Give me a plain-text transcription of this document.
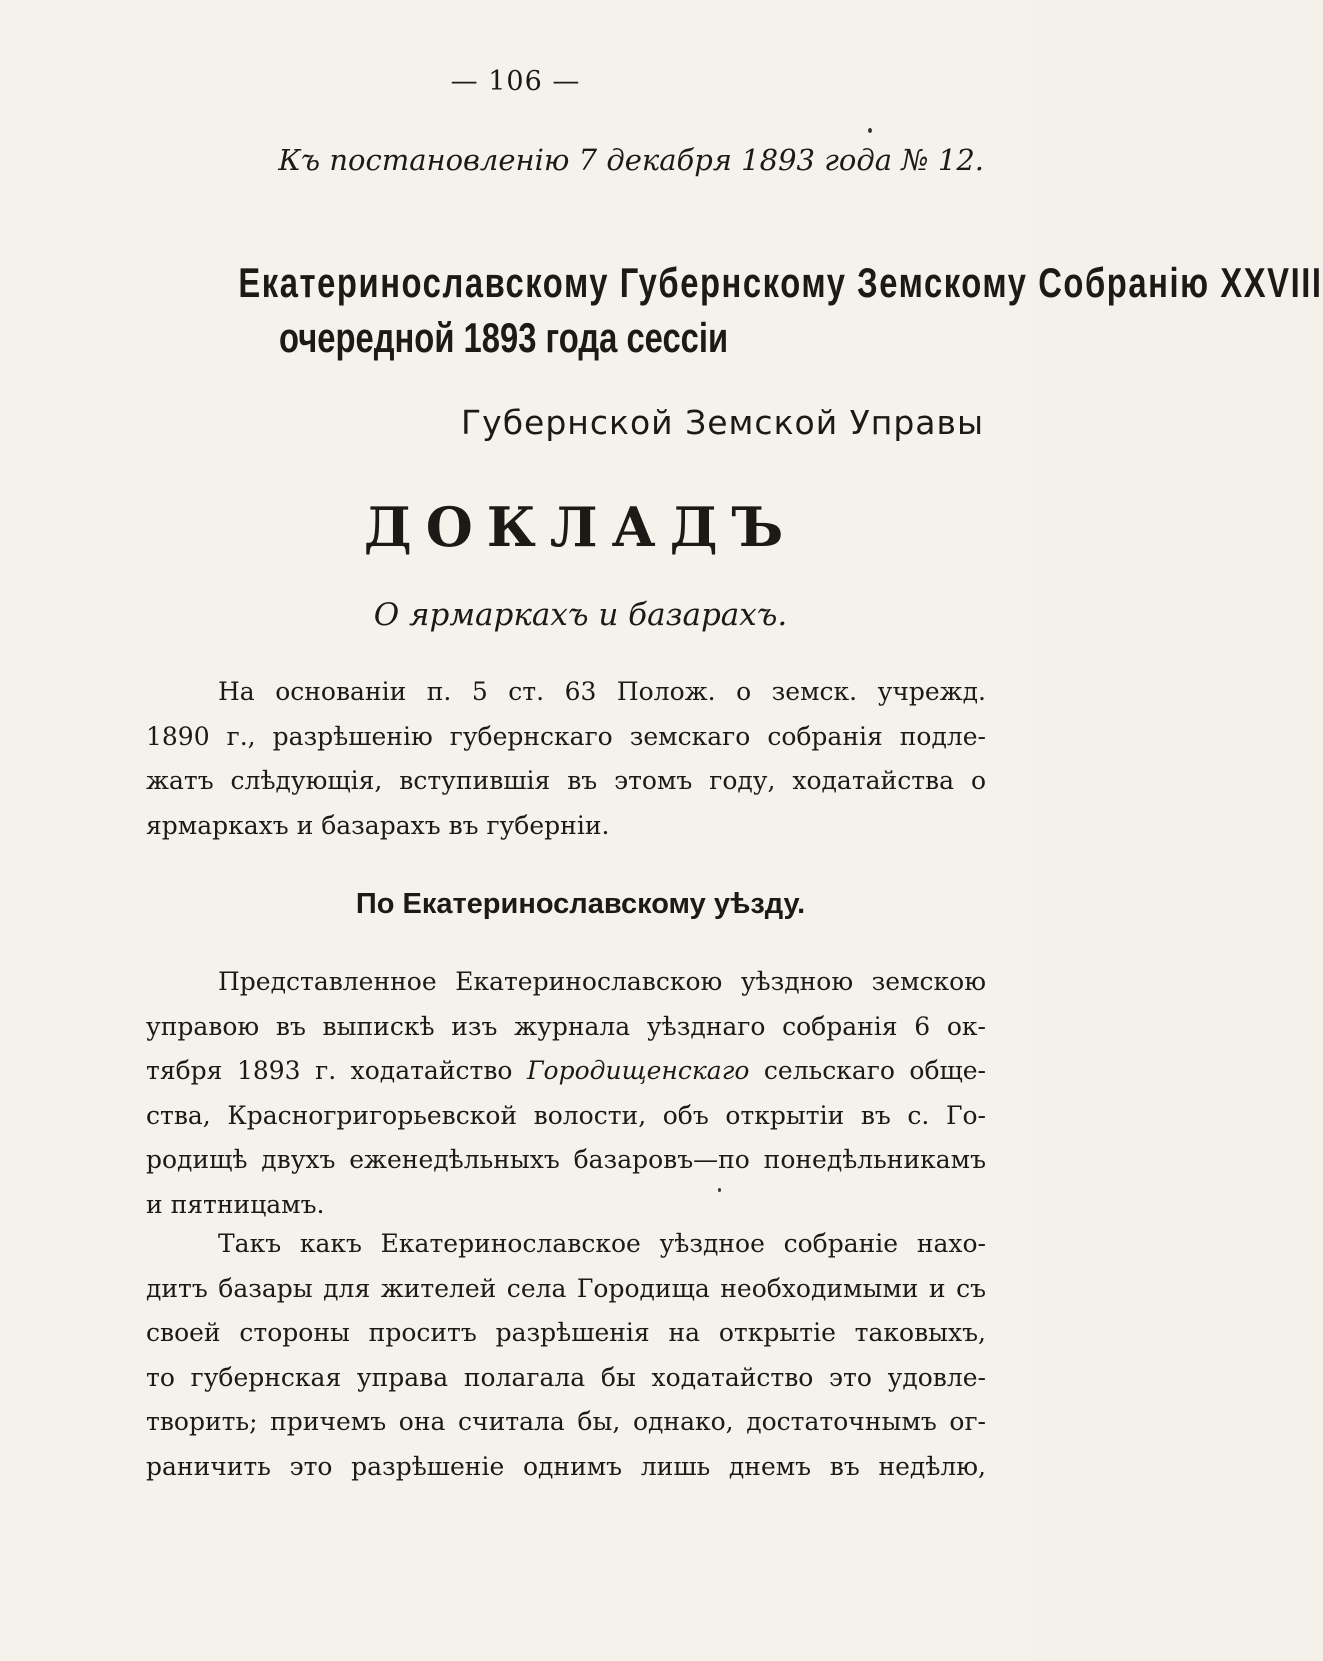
— 106 —
Къ постановленію 7 декабря 1893 года № 12.
Екатеринославскому Губернскому Земскому Собранію XXVIII
очередной 1893 года сессіи
Губернской Земской Управы
ДОКЛАДЪ
О ярмаркахъ и базарахъ.
На основаніи п. 5 ст. 63 Полож. о земск. учрежд.
1890 г., разрѣшенію губернскаго земскаго собранія подле-
жатъ слѣдующія, вступившія въ этомъ году, ходатайства о
ярмаркахъ и базарахъ въ губерніи.
По Екатеринославскому уѣзду.
Представленное Екатеринославскою уѣздною земскою
управою въ выпискѣ изъ журнала уѣзднаго собранія 6 ок-
тября 1893 г. ходатайство Городищенскаго сельскаго обще-
ства, Красногригорьевской волости, объ открытіи въ с. Го-
родищѣ двухъ еженедѣльныхъ базаровъ—по понедѣльникамъ
и пятницамъ.
Такъ какъ Екатеринославское уѣздное собраніе нахо-
дитъ базары для жителей села Городища необходимыми и съ
своей стороны проситъ разрѣшенія на открытіе таковыхъ,
то губернская управа полагала бы ходатайство это удовле-
творить; причемъ она считала бы, однако, достаточнымъ ог-
раничить это разрѣшеніе однимъ лишь днемъ въ недѣлю,
